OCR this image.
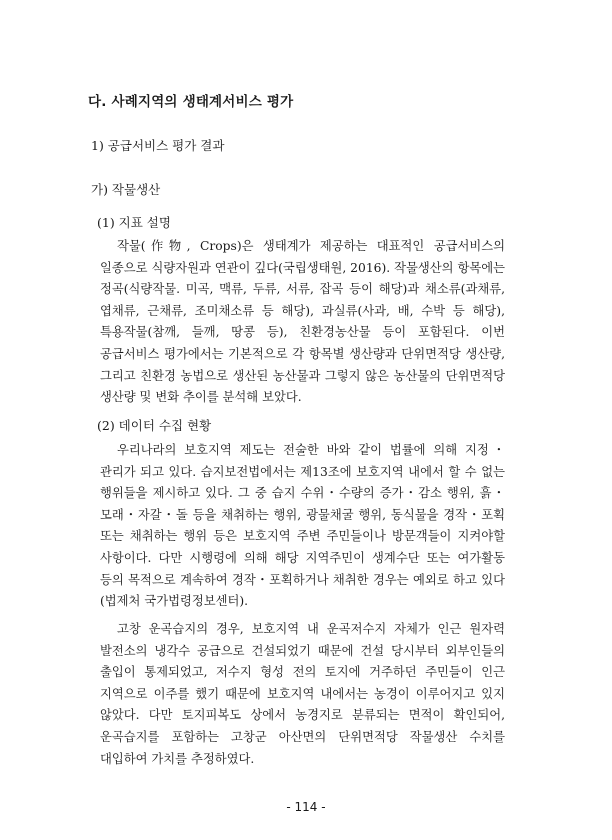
다. 사례지역의 생태계서비스 평가
1) 공급서비스 평가 결과
가) 작물생산
(1) 지표 설명

작물(作物, Crops)은 생태계가 제공하는 대표적인 공급서비스의 일종으로 식량자원과 연관이 깊다(국립생태원, 2016). 작물생산의 항목에는 정곡(식량작물. 미곡, 맥류, 두류, 서류, 잡곡 등이 해당)과 채소류(과채류, 엽채류, 근채류, 조미채소류 등 해당), 과실류(사과, 배, 수박 등 해당), 특용작물(참깨, 들깨, 땅콩 등), 친환경농산물 등이 포함된다. 이번 공급서비스 평가에서는 기본적으로 각 항목별 생산량과 단위면적당 생산량, 그리고 친환경 농법으로 생산된 농산물과 그렇지 않은 농산물의 단위면적당 생산량 및 변화 추이를 분석해 보았다.

(2) 데이터 수집 현황

우리나라의 보호지역 제도는 전술한 바와 같이 법률에 의해 지정・관리가 되고 있다. 습지보전법에서는 제13조에 보호지역 내에서 할 수 없는 행위들을 제시하고 있다. 그 중 습지 수위・수량의 증가・감소 행위, 흙・모래・자갈・돌 등을 채취하는 행위, 광물채굴 행위, 동식물을 경작・포획 또는 채취하는 행위 등은 보호지역 주변 주민들이나 방문객들이 지켜야할 사항이다. 다만 시행령에 의해 해당 지역주민이 생계수단 또는 여가활동 등의 목적으로 계속하여 경작・포획하거나 채취한 경우는 예외로 하고 있다(법제처 국가법령정보센터).

고창 운곡습지의 경우, 보호지역 내 운곡저수지 자체가 인근 원자력 발전소의 냉각수 공급으로 건설되었기 때문에 건설 당시부터 외부인들의 출입이 통제되었고, 저수지 형성 전의 토지에 거주하던 주민들이 인근 지역으로 이주를 했기 때문에 보호지역 내에서는 농경이 이루어지고 있지 않았다. 다만 토지피복도 상에서 농경지로 분류되는 면적이 확인되어, 운곡습지를 포함하는 고창군 아산면의 단위면적당 작물생산 수치를 대입하여 가치를 추정하였다.

- 114 -
